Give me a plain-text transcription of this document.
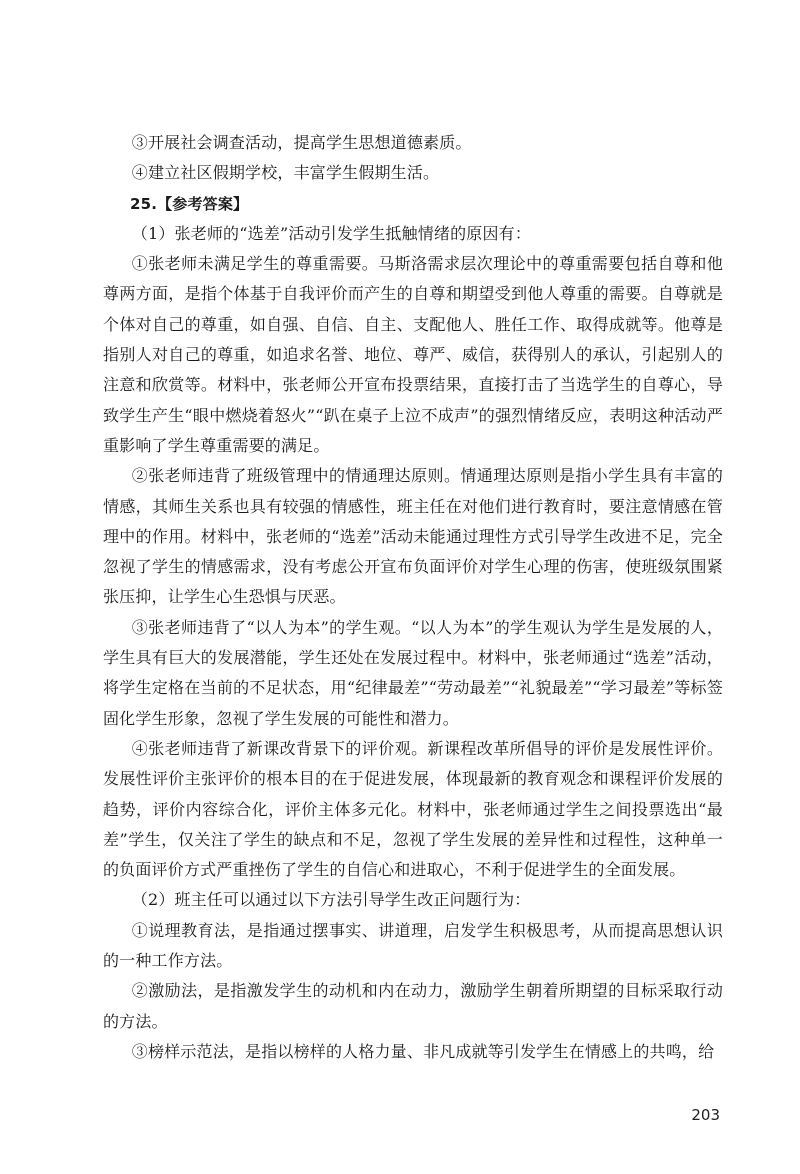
③开展社会调查活动，提高学生思想道德素质。

④建立社区假期学校，丰富学生假期生活。

25.【参考答案】

（1）张老师的“选差”活动引发学生抵触情绪的原因有：

①张老师未满足学生的尊重需要。马斯洛需求层次理论中的尊重需要包括自尊和他尊两方面，是指个体基于自我评价而产生的自尊和期望受到他人尊重的需要。自尊就是个体对自己的尊重，如自强、自信、自主、支配他人、胜任工作、取得成就等。他尊是指别人对自己的尊重，如追求名誉、地位、尊严、威信，获得别人的承认，引起别人的注意和欣赏等。材料中，张老师公开宣布投票结果，直接打击了当选学生的自尊心，导致学生产生“眼中燃烧着怒火”“趴在桌子上泣不成声”的强烈情绪反应，表明这种活动严重影响了学生尊重需要的满足。

②张老师违背了班级管理中的情通理达原则。情通理达原则是指小学生具有丰富的情感，其师生关系也具有较强的情感性，班主任在对他们进行教育时，要注意情感在管理中的作用。材料中，张老师的“选差”活动未能通过理性方式引导学生改进不足，完全忽视了学生的情感需求，没有考虑公开宣布负面评价对学生心理的伤害，使班级氛围紧张压抑，让学生心生恐惧与厌恶。

③张老师违背了“以人为本”的学生观。“以人为本”的学生观认为学生是发展的人，学生具有巨大的发展潜能，学生还处在发展过程中。材料中，张老师通过“选差”活动，将学生定格在当前的不足状态，用“纪律最差”“劳动最差”“礼貌最差”“学习最差”等标签固化学生形象，忽视了学生发展的可能性和潜力。

④张老师违背了新课改背景下的评价观。新课程改革所倡导的评价是发展性评价。发展性评价主张评价的根本目的在于促进发展，体现最新的教育观念和课程评价发展的趋势，评价内容综合化，评价主体多元化。材料中，张老师通过学生之间投票选出“最差”学生，仅关注了学生的缺点和不足，忽视了学生发展的差异性和过程性，这种单一的负面评价方式严重挫伤了学生的自信心和进取心，不利于促进学生的全面发展。

（2）班主任可以通过以下方法引导学生改正问题行为：

①说理教育法，是指通过摆事实、讲道理，启发学生积极思考，从而提高思想认识的一种工作方法。

②激励法，是指激发学生的动机和内在动力，激励学生朝着所期望的目标采取行动的方法。

③榜样示范法，是指以榜样的人格力量、非凡成就等引发学生在情感上的共鸣，给

203
